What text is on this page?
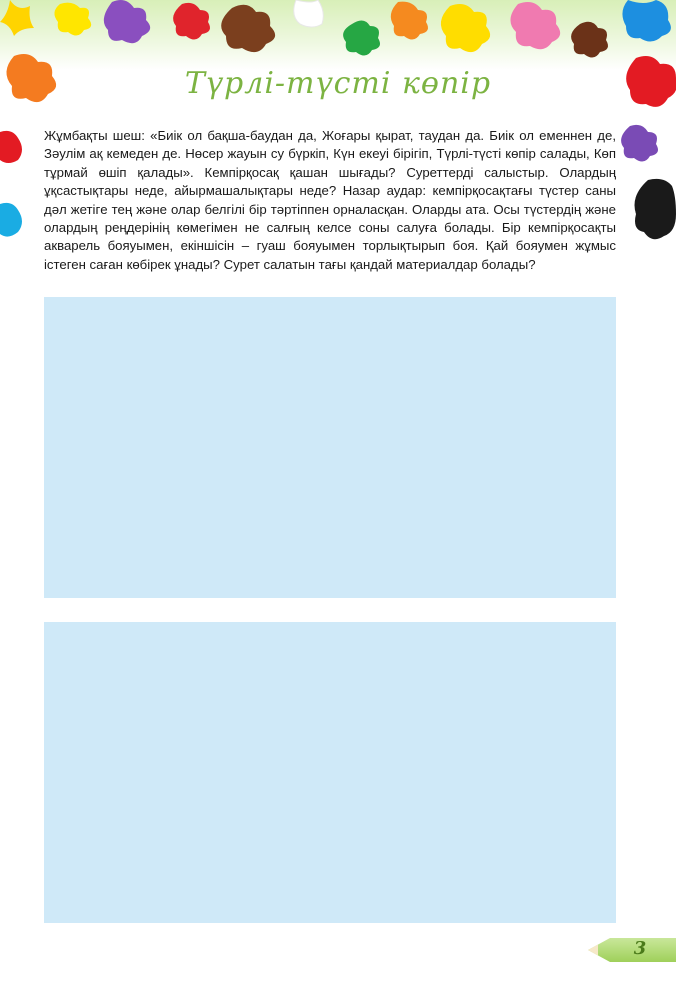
Түрлі-түсті көпір

Жұмбақты шеш: «Биік ол бақша-баудан да, Жоғары қырат, таудан да. Биік ол еменнен де, Зәулім ақ кемеден де. Нөсер жауын су бүркіп, Күн екеуі бірігіп, Түрлі-түсті көпір салады, Көп тұрмай өшіп қалады». Кемпірқосақ қашан шығады? Суреттерді салыстыр. Олардың ұқсастықтары неде, айырмашалықтары неде? Назар аудар: кемпірқосақтағы түстер саны дәл жетігe тең және олар белгілі бір тәртіппен орналасқан. Оларды ата. Осы түстердің және олардың реңдерінің көмегімен не салғың келсе соны салуға болады. Бір кемпірқосақты акварель бояуымен, екіншісін – гуаш бояуымен торлықтырып боя. Қай бояумен жұмыс істеген саған көбірек ұнады? Сурет салатын тағы қандай материалдар болады?

3
